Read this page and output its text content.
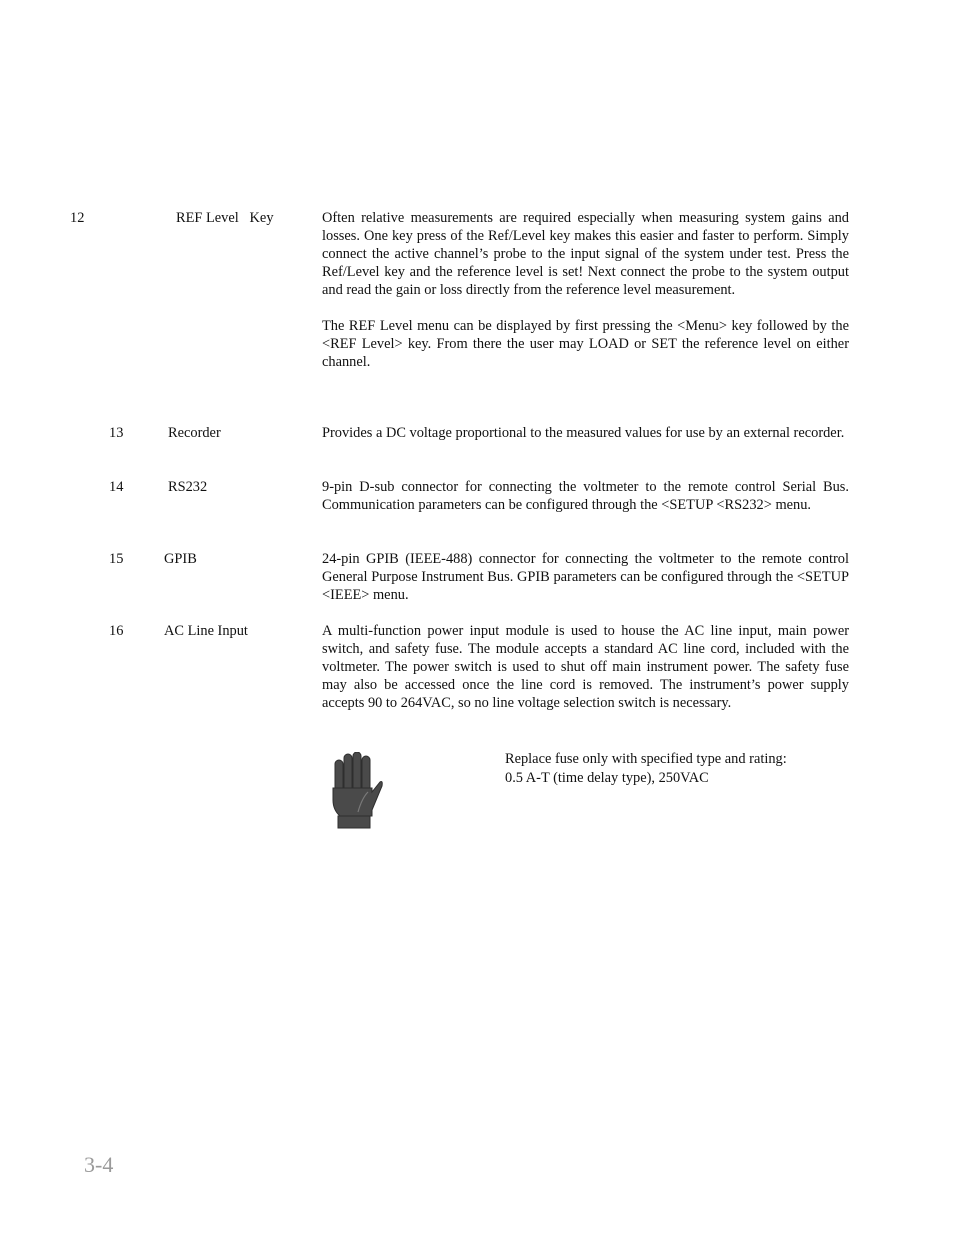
12	REF Level   Key	Often relative measurements are required especially when measuring system gains and losses. One key press of the Ref/Level key makes this easier and faster to perform. Simply connect the active channel’s probe to the input signal of the system under test. Press the Ref/Level key and the reference level is set! Next connect the probe to the system output and read the gain or loss directly from the reference level measurement.

The REF Level menu can be displayed by first pressing the <Menu> key followed by the <REF Level> key. From there the user may LOAD or SET the reference level on either channel.

13	Recorder	Provides a DC voltage proportional to the measured values for use by an external recorder.

14	RS232	9-pin D-sub connector for connecting the voltmeter to the remote control Serial Bus. Communication parameters can be configured through the <SETUP <RS232> menu.

15	GPIB	24-pin GPIB (IEEE-488) connector for connecting the voltmeter to the remote control General Purpose Instrument Bus. GPIB parameters can be configured through the <SETUP <IEEE> menu.

16	AC Line Input	A multi-function power input module is used to house the AC line input, main power switch, and safety fuse. The module accepts a standard AC line cord, included with the voltmeter. The power switch is used to shut off main instrument power. The safety fuse may also be accessed once the line cord is removed. The instrument’s power supply accepts 90 to 264VAC, so no line voltage selection switch is necessary.

Replace fuse only with specified type and rating:
0.5 A-T (time delay type), 250VAC
3-4
